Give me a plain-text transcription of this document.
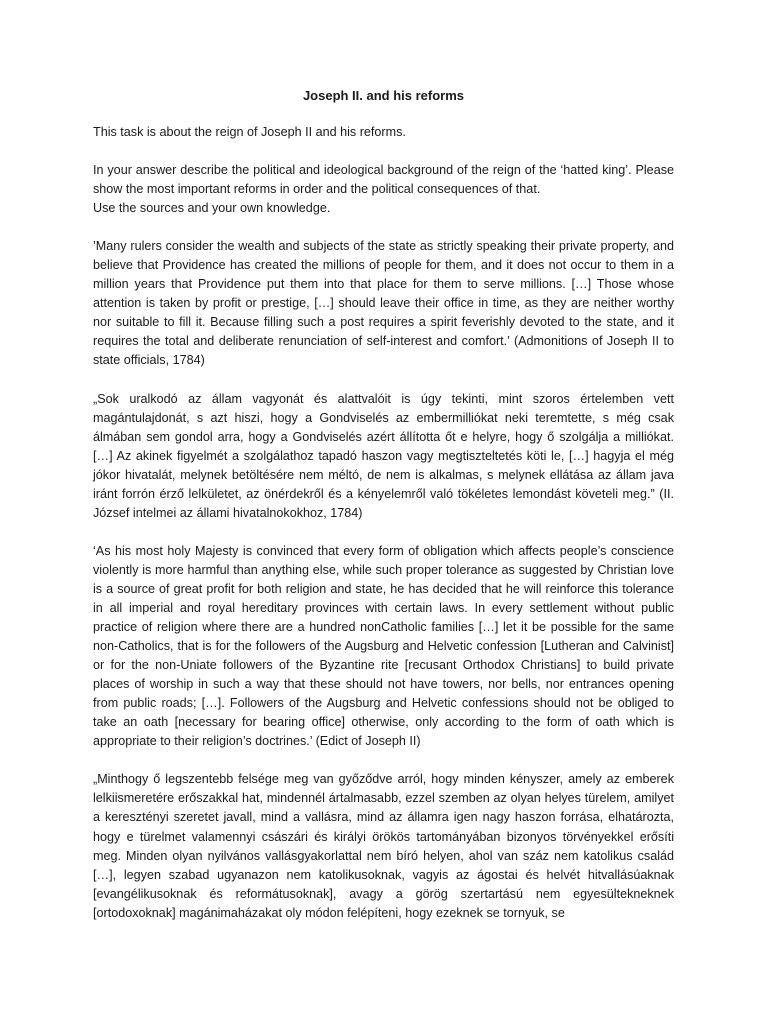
Joseph II. and his reforms

This task is about the reign of Joseph II and his reforms.

In your answer describe the political and ideological background of the reign of the ‘hatted king’. Please show the most important reforms in order and the political consequences of that.

Use the sources and your own knowledge.

’Many rulers consider the wealth and subjects of the state as strictly speaking their private property, and believe that Providence has created the millions of people for them, and it does not occur to them in a million years that Providence put them into that place for them to serve millions. […] Those whose attention is taken by profit or prestige, […] should leave their office in time, as they are neither worthy nor suitable to fill it. Because filling such a post requires a spirit feverishly devoted to the state, and it requires the total and deliberate renunciation of self-interest and comfort.’ (Admonitions of Joseph II to state officials, 1784)

„Sok uralkodó az állam vagyonát és alattvalóit is úgy tekinti, mint szoros értelemben vett magántulajdonát, s azt hiszi, hogy a Gondviselés az embermilliókat neki teremtette, s még csak álmában sem gondol arra, hogy a Gondviselés azért állította őt e helyre, hogy ő szolgálja a milliókat. […] Az akinek figyelmét a szolgálathoz tapadó haszon vagy megtiszteltetés köti le, […] hagyja el még jókor hivatalát, melynek betöltésére nem méltó, de nem is alkalmas, s melynek ellátása az állam java iránt forrón érző lelkületet, az önérdekről és a kényelemről való tökéletes lemondást követeli meg.” (II. József intelmei az állami hivatalnokokhoz, 1784)

‘As his most holy Majesty is convinced that every form of obligation which affects people’s conscience violently is more harmful than anything else, while such proper tolerance as suggested by Christian love is a source of great profit for both religion and state, he has decided that he will reinforce this tolerance in all imperial and royal hereditary provinces with certain laws. In every settlement without public practice of religion where there are a hundred nonCatholic families […] let it be possible for the same non-Catholics, that is for the followers of the Augsburg and Helvetic confession [Lutheran and Calvinist] or for the non-Uniate followers of the Byzantine rite [recusant Orthodox Christians] to build private places of worship in such a way that these should not have towers, nor bells, nor entrances opening from public roads; […]. Followers of the Augsburg and Helvetic confessions should not be obliged to take an oath [necessary for bearing office] otherwise, only according to the form of oath which is appropriate to their religion’s doctrines.’ (Edict of Joseph II)

„Minthogy ő legszentebb felsége meg van győződve arról, hogy minden kényszer, amely az emberek lelkiismeretére erőszakkal hat, mindennél ártalmasabb, ezzel szemben az olyan helyes türelem, amilyet a keresztényi szeretet javall, mind a vallásra, mind az államra igen nagy haszon forrása, elhatározta, hogy e türelmet valamennyi császári és királyi örökös tartományában bizonyos törvényekkel erősíti meg. Minden olyan nyilvános vallásgyakorlattal nem bíró helyen, ahol van száz nem katolikus család […], legyen szabad ugyanazon nem katolikusoknak, vagyis az ágostai és helvét hitvallásúaknak [evangélikusoknak és reformátusoknak], avagy a görög szertartású nem egyesültekneknek [ortodoxoknak] magánimaházakat oly módon felépíteni, hogy ezeknek se tornyuk, se
